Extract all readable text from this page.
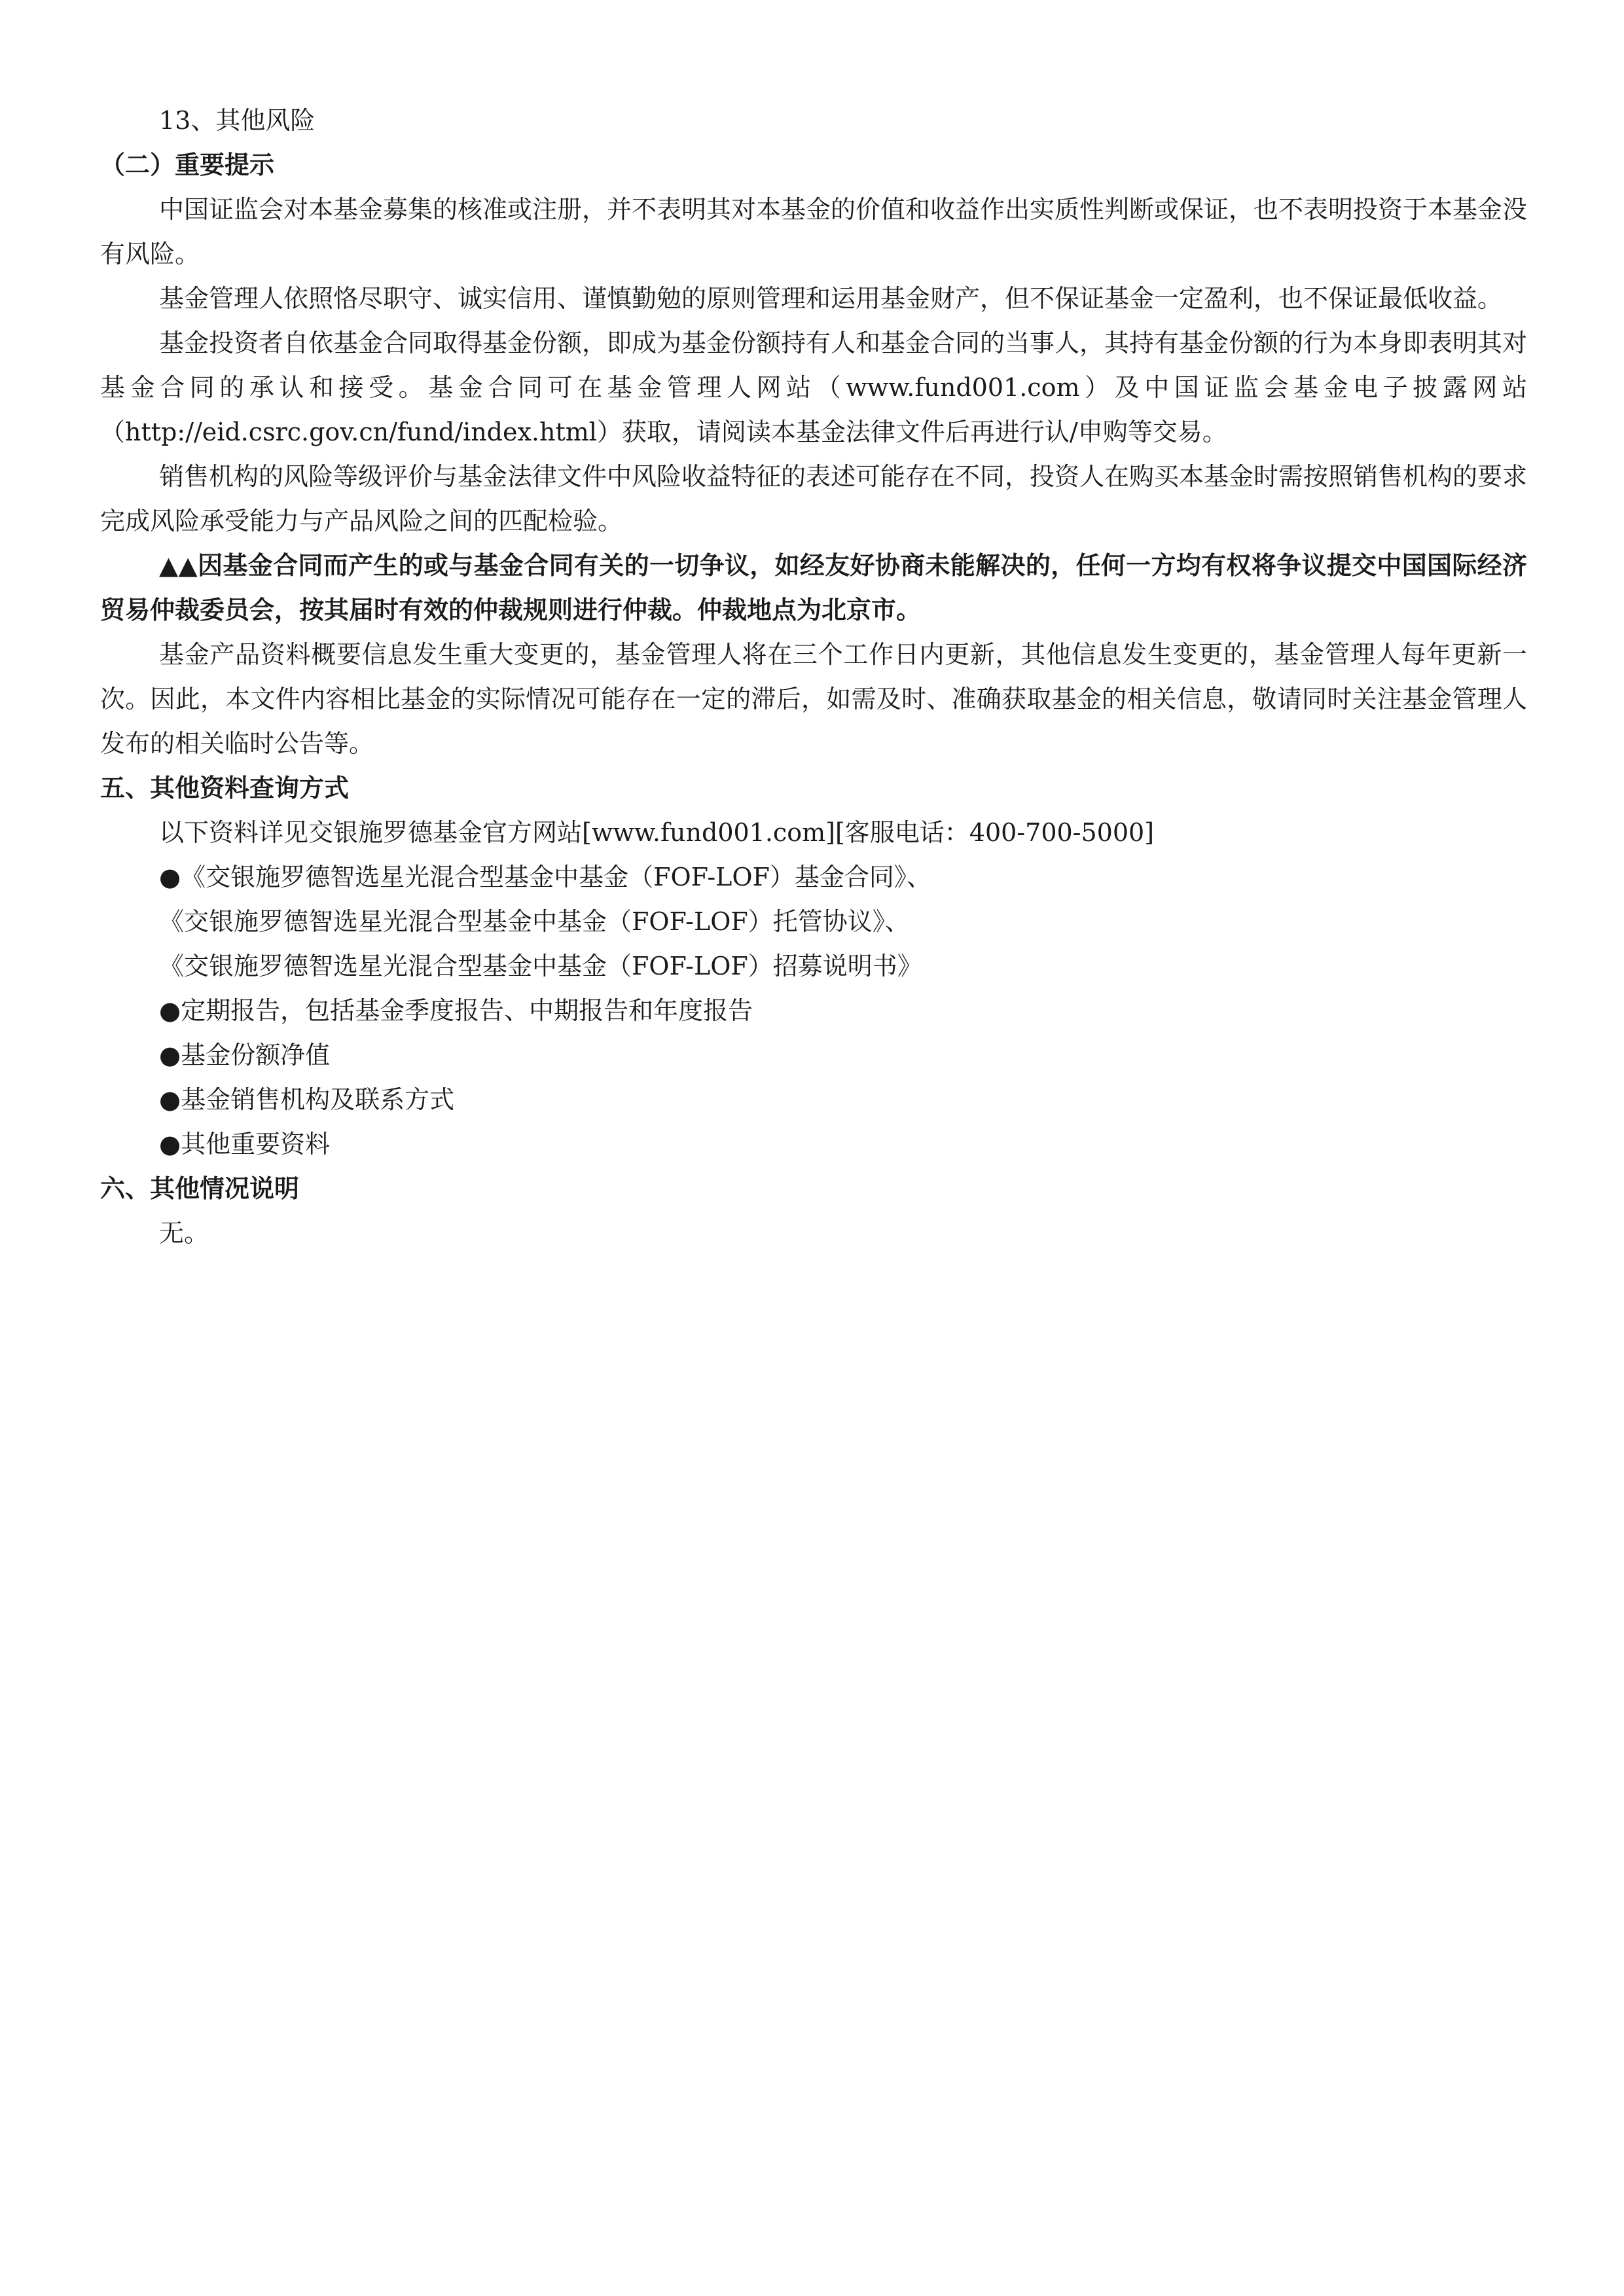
13、其他风险

（二）重要提示

中国证监会对本基金募集的核准或注册，并不表明其对本基金的价值和收益作出实质性判断或保证，也不表明投资于本基金没有风险。

基金管理人依照恪尽职守、诚实信用、谨慎勤勉的原则管理和运用基金财产，但不保证基金一定盈利，也不保证最低收益。

基金投资者自依基金合同取得基金份额，即成为基金份额持有人和基金合同的当事人，其持有基金份额的行为本身即表明其对基金合同的承认和接受。基金合同可在基金管理人网站（www.fund001.com）及中国证监会基金电子披露网站（http://eid.csrc.gov.cn/fund/index.html）获取，请阅读本基金法律文件后再进行认/申购等交易。

销售机构的风险等级评价与基金法律文件中风险收益特征的表述可能存在不同，投资人在购买本基金时需按照销售机构的要求完成风险承受能力与产品风险之间的匹配检验。

▲▲因基金合同而产生的或与基金合同有关的一切争议，如经友好协商未能解决的，任何一方均有权将争议提交中国国际经济贸易仲裁委员会，按其届时有效的仲裁规则进行仲裁。仲裁地点为北京市。

基金产品资料概要信息发生重大变更的，基金管理人将在三个工作日内更新，其他信息发生变更的，基金管理人每年更新一次。因此，本文件内容相比基金的实际情况可能存在一定的滞后，如需及时、准确获取基金的相关信息，敬请同时关注基金管理人发布的相关临时公告等。

五、其他资料查询方式

以下资料详见交银施罗德基金官方网站[www.fund001.com][客服电话：400-700-5000]

●《交银施罗德智选星光混合型基金中基金（FOF-LOF）基金合同》、

《交银施罗德智选星光混合型基金中基金（FOF-LOF）托管协议》、

《交银施罗德智选星光混合型基金中基金（FOF-LOF）招募说明书》

●定期报告，包括基金季度报告、中期报告和年度报告

●基金份额净值

●基金销售机构及联系方式

●其他重要资料

六、其他情况说明

无。
